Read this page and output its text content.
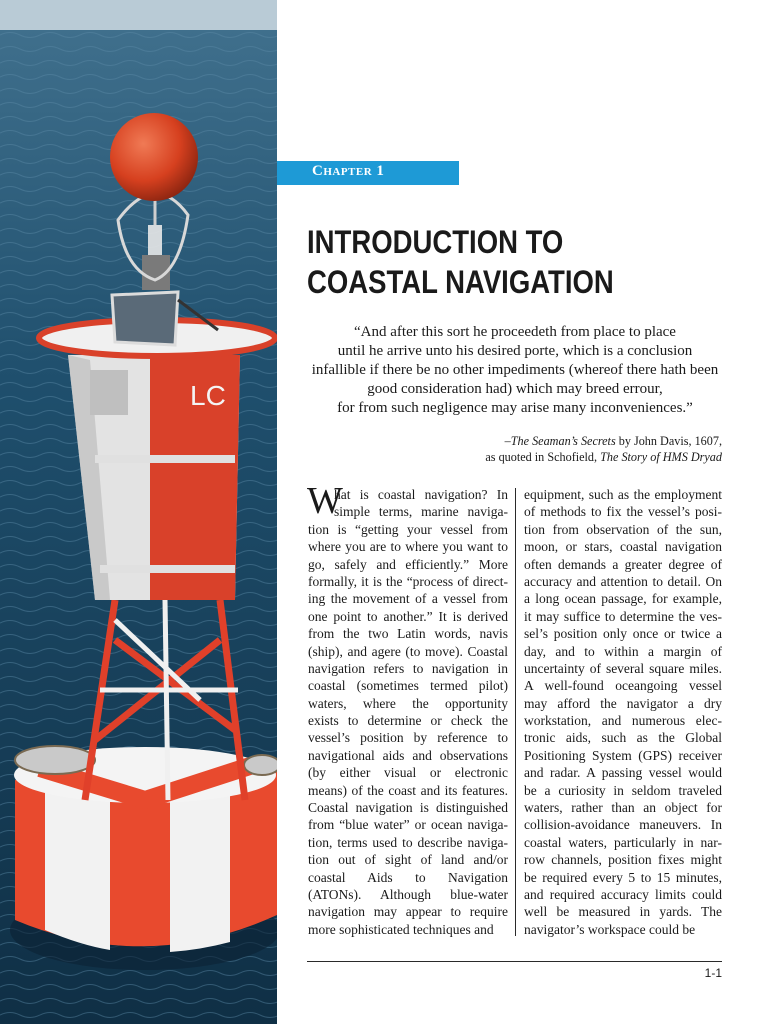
LC
Chapter 1
INTRODUCTION TO
COASTAL NAVIGATION
“And after this sort he proceedeth from place to place
until he arrive unto his desired porte, which is a conclusion
infallible if there be no other impediments (whereof there hath been
good consideration had) which may breed errour,
for from such negligence may arise many inconveniences.”
–The Seaman’s Secrets by John Davis, 1607,
as quoted in Schofield, The Story of HMS Dryad
W
hat is coastal navigation? In
simple terms, marine naviga-
tion is “getting your vessel from
where you are to where you want to
go, safely and efficiently.” More
formally, it is the “process of direct-
ing the movement of a vessel from
one point to another.” It is derived
from the two Latin words, navis
(ship), and agere (to move). Coastal
navigation refers to navigation in
coastal (sometimes termed pilot)
waters, where the opportunity
exists to determine or check the
vessel’s position by reference to
navigational aids and observations
(by either visual or electronic
means) of the coast and its features.
Coastal navigation is distinguished
from “blue water” or ocean naviga-
tion, terms used to describe naviga-
tion out of sight of land and/or
coastal Aids to Navigation
(ATONs). Although blue-water
navigation may appear to require
more sophisticated techniques and
equipment, such as the employment
of methods to fix the vessel’s posi-
tion from observation of the sun,
moon, or stars, coastal navigation
often demands a greater degree of
accuracy and attention to detail. On
a long ocean passage, for example,
it may suffice to determine the ves-
sel’s position only once or twice a
day, and to within a margin of
uncertainty of several square miles.
A well-found oceangoing vessel
may afford the navigator a dry
workstation, and numerous elec-
tronic aids, such as the Global
Positioning System (GPS) receiver
and radar. A passing vessel would
be a curiosity in seldom traveled
waters, rather than an object for
collision-avoidance maneuvers. In
coastal waters, particularly in nar-
row channels, position fixes might
be required every 5 to 15 minutes,
and required accuracy limits could
well be measured in yards. The
navigator’s workspace could be
1-1
